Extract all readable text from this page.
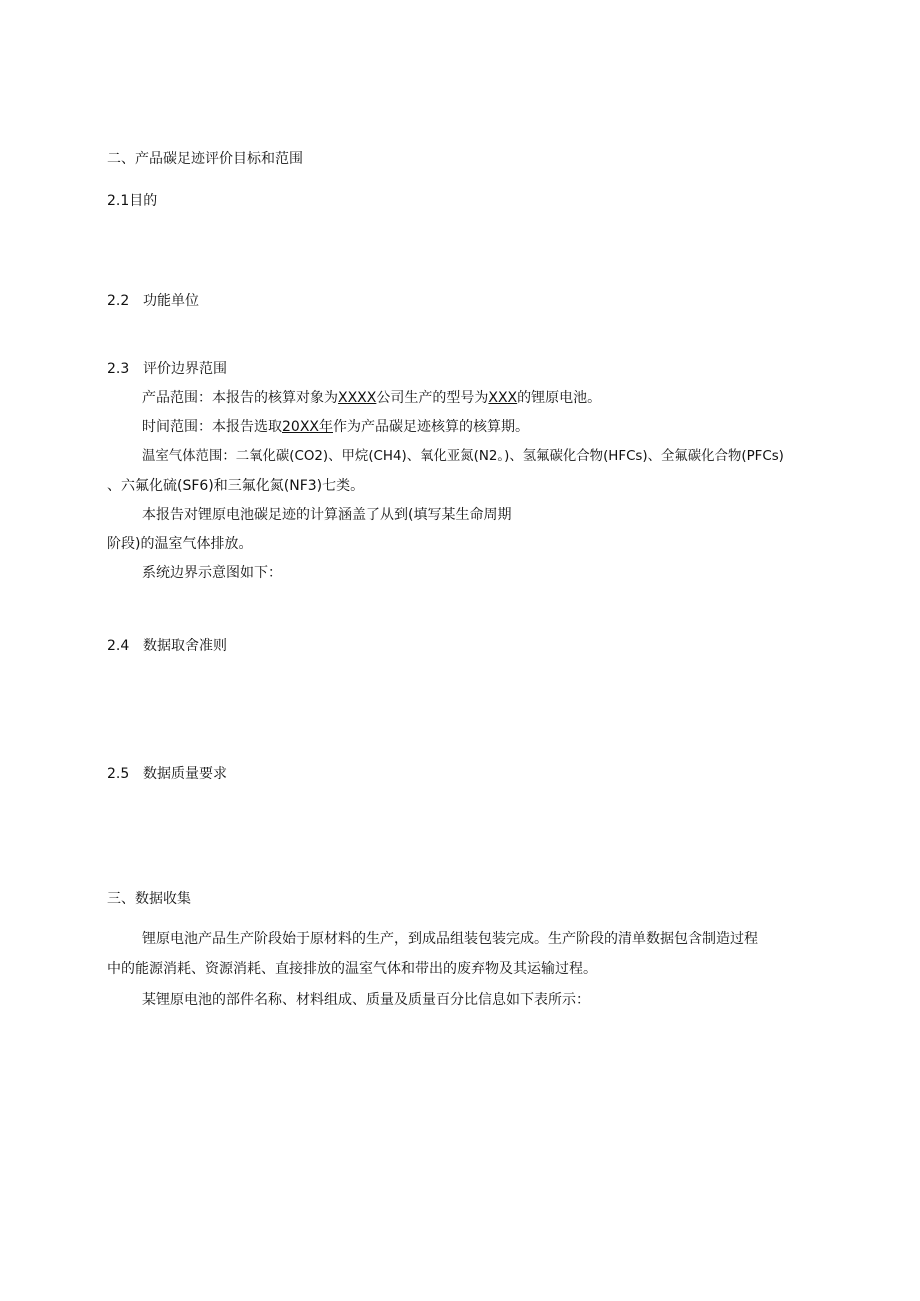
二、产品碳足迹评价目标和范围
2.1目的
2.2 功能单位
2.3 评价边界范围
产品范围：本报告的核算对象为XXXX公司生产的型号为XXX的锂原电池。
时间范围：本报告选取20XX年作为产品碳足迹核算的核算期。
温室气体范围：二氧化碳(CO2)、甲烷(CH4)、氧化亚氮(N2。)、氢氟碳化合物(HFCs)、全氟碳化合物(PFCs)
、六氟化硫(SF6)和三氟化氮(NF3)七类。
本报告对锂原电池碳足迹的计算涵盖了从到(填写某生命周期
阶段)的温室气体排放。
系统边界示意图如下：
2.4 数据取舍准则
2.5 数据质量要求
三、数据收集
锂原电池产品生产阶段始于原材料的生产，到成品组装包装完成。生产阶段的清单数据包含制造过程
中的能源消耗、资源消耗、直接排放的温室气体和带出的废弃物及其运输过程。
某锂原电池的部件名称、材料组成、质量及质量百分比信息如下表所示：
